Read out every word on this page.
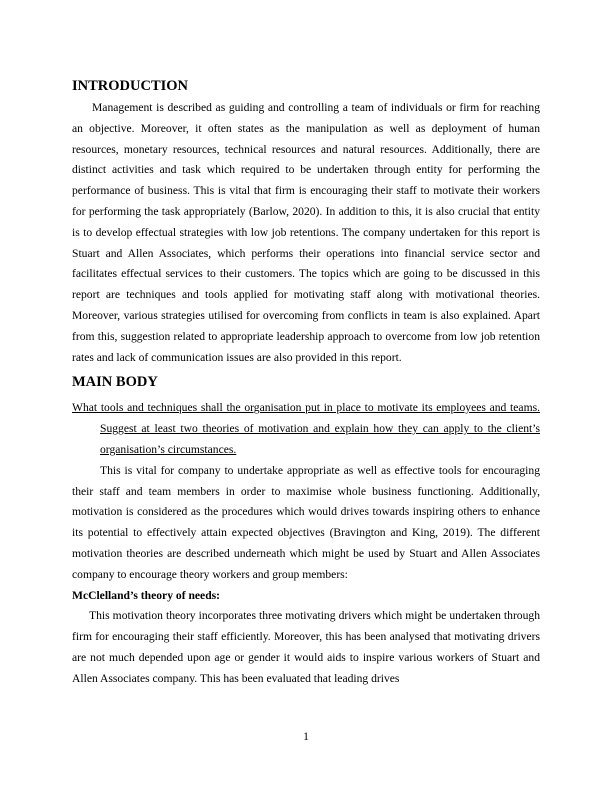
INTRODUCTION

Management is described as guiding and controlling a team of individuals or firm for reaching an objective. Moreover, it often states as the manipulation as well as deployment of human resources, monetary resources, technical resources and natural resources. Additionally, there are distinct activities and task which required to be undertaken through entity for performing the performance of business. This is vital that firm is encouraging their staff to motivate their workers for performing the task appropriately (Barlow, 2020). In addition to this, it is also crucial that entity is to develop effectual strategies with low job retentions. The company undertaken for this report is Stuart and Allen Associates, which performs their operations into financial service sector and facilitates effectual services to their customers. The topics which are going to be discussed in this report are techniques and tools applied for motivating staff along with motivational theories. Moreover, various strategies utilised for overcoming from conflicts in team is also explained. Apart from this, suggestion related to appropriate leadership approach to overcome from low job retention rates and lack of communication issues are also provided in this report.

MAIN BODY

What tools and techniques shall the organisation put in place to motivate its employees and teams. Suggest at least two theories of motivation and explain how they can apply to the client’s organisation’s circumstances.

This is vital for company to undertake appropriate as well as effective tools for encouraging their staff and team members in order to maximise whole business functioning. Additionally, motivation is considered as the procedures which would drives towards inspiring others to enhance its potential to effectively attain expected objectives (Bravington and King, 2019). The different motivation theories are described underneath which might be used by Stuart and Allen Associates company to encourage theory workers and group members:

McClelland’s theory of needs:

This motivation theory incorporates three motivating drivers which might be undertaken through firm for encouraging their staff efficiently. Moreover, this has been analysed that motivating drivers are not much depended upon age or gender it would aids to inspire various workers of Stuart and Allen Associates company. This has been evaluated that leading drives

1
